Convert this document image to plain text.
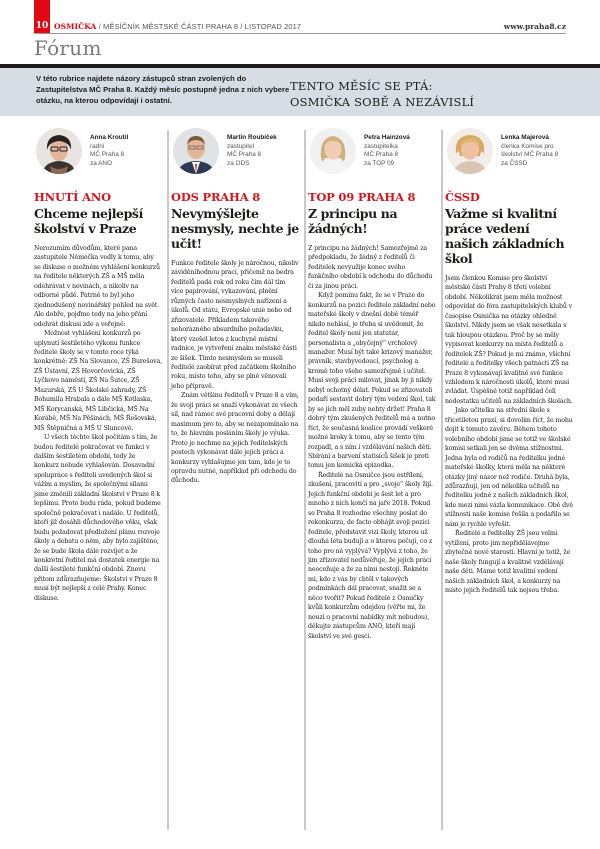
10 OSMIČKA / MĚSÍČNÍK MĚSTSKÉ ČÁSTI PRAHA 8 / LISTOPAD 2017	www.praha8.cz
Fórum
V této rubrice najdete názory zástupců stran zvolených do Zastupitelstva MČ Praha 8. Každý měsíc postupně jedna z nich vybere otázku, na kterou odpovídají i ostatní.
TENTO MĚSÍC SE PTÁ:
OSMIČKA SOBĚ A NEZÁVISLÍ
Anna Kroutil
radní
MČ Praha 8
za ANO
HNUTÍ ANO
Chceme nejlepší školství v Praze

Nerozumím důvodům, které pana zastupitele Němečka vedly k tomu, aby se diskuse o možném vyhlášení konkurzů na ředitele některých ZŠ a MŠ měla odehrávat v novinách, a nikoliv na odborné půdě. Patrně to byl jeho zjednodušený novinářský pohled na svět. Ale dobře, pojďme tedy na jeho přání odehrát diskusi zde a veřejně:

Možnost vyhlášení konkurzů po uplynutí šestiletého výkonu funkce ředitele školy se v tomto roce týká konkrétně: ZŠ Na Slovance, ZŠ Burešova, ZŠ Ústavní, ZŠ Hovorčovická, ZŠ Lyčkovo náměstí, ZŠ Na Šutce, ZŠ Mazurská, ZŠ U Školské zahrady, ZŠ Bohumila Hrabala a dále MŠ Kotlaska, MŠ Korycanská, MŠ Libčická, MŠ Na Korábě, MŠ Na Pěšinách, MŠ Řešovská, MŠ Štěpničná a MŠ U Sluncové.

U všech těchto škol počítám s tím, že budou ředitelé pokračovat ve funkci v dalším šestiletém období, tedy že konkurz nebude vyhlašován. Dosavadní spolupráce s řediteli uvedených škol si vážím a myslím, že společnými silami jsme změnili základní školství v Praze 8 k lepšímu. Proto budu ráda, pokud budeme společně pokračovat i nadále. U ředitelů, kteří již dosáhli důchodového věku, však budu požadovat předložení plánu rozvoje školy a debatu o něm, aby bylo zajištěno, že se bude škola dále rozvíjet a že konkrétní ředitel má dostatek energie na další šestileté funkční období. Znovu přitom zdůrazňujeme: Školství v Praze 8 musí být nejlepší z celé Prahy. Konec diskuse.

Martin Roubíček
zastupitel
MČ Praha 8
za ODS
ODS PRAHA 8
Nevymýšlejte nesmysly, nechte je učit!

Funkce ředitele školy je náročnou, nikoliv záviděníhodnou prací, přičemž na bedra ředitelů padá rok od roku čím dál tím více papírování, vykazování, plnění různých často nesmyslných nařízení a úkolů. Od státu, Evropské unie nebo od zřizovatele. Příkladem takového nehorázného absurdního požadavku, který vzešel letos z kuchyně místní radnice, je vytvoření znaku městské části ze šišek. Tímto nesmyslem se museli ředitelé zaobírat před začátkem školního roku, místo toho, aby se plně věnovali jeho přípravě.

Znám většinu ředitelů v Praze 8 a vím, že svoji práci se snaží vykonávat ze všech sil, nad rámec své pracovní doby a dělají maximum pro to, aby se nezapomínalo na to, že hlavním posláním školy je výuka. Proto je nechme na jejich ředitelských postech vykonávat dále jejich práci a konkurzy vyhlašujme jen tam, kde je to opravdu nutné, například při odchodu do důchodu.

Petra Hainzová
zastupitelka
MČ Praha 8
za TOP 09
TOP 09 PRAHA 8
Z principu na žádných!

Z principu na žádných! Samozřejmě za předpokladu, že žádný z ředitelů či ředitelek nevyužije konec svého funkčního období k odchodu do důchodu či za jinou práci.

Když pominu fakt, že se v Praze do konkurzů na pozici ředitele základní nebo mateřské školy v dnešní době téměř nikdo nehlásí, je třeba si uvědomit, že ředitel školy není jen statutár, personalista a „obyčejný“ vrcholový manažer. Musí být také krizový manažer, právník, stavbyvedoucí, psycholog a kromě toho všeho samozřejmě i učitel. Musí svoji práci milovat, jinak by ji nikdy nebyl ochotný dělat. Pokud se zřizovateli podaří sestavit dobrý tým vedení škol, tak by se jich měl zuby nehty držet! Praha 8 dobrý tým zkušených ředitelů má a nutno říct, že současná koalice provádí veškeré možné kroky k tomu, aby se tento tým rozpadl, a s ním i vzdělávání našich dětí. Sbírání a barvení statisíců šišek je proti tomu jen komická epizodka.

Ředitelé na Osmičce jsou ostřílení, zkušení, pracovití a pro „svoje“ školy žijí. Jejich funkční období je šest let a pro mnoho z nich končí na jaře 2018. Pokud se Praha 8 rozhodne všechny poslat do rekonkurzu, de facto obhájit svoji pozici ředitele, představit vizi školy, kterou už dlouhá léta budují a o kterou pečují, co z toho pro ně vyplývá? Vyplývá z toho, že jim zřizovatel nedůvěřuje, že jejich práci neoceňuje a že za nimi nestojí. Řekněte mi, kdo z vás by chtěl v takových podmínkách dál pracovat, snažit se a něco tvořit? Pokud ředitelé z Osmičky kvůli konkurzům odejdou (věřte mi, že nouzi o pracovní nabídky mít nebudou), děkujte zástupcům ANO, kteří mají školství ve své gesci.

Lenka Majerová
členka Komise pro
školství MČ Praha 8
za ČSSD
ČSSD
Važme si kvalitní práce vedení našich základních škol

Jsem členkou Komise pro školství městské části Prahy 8 třetí volební období. Několikrát jsem měla možnost odpovídat do fóra zastupitelských klubů v časopise Osmička na otázky ohledně školství. Nikdy jsem se však nesetkala s tak hloupou otázkou. Proč by se měly vypisovat konkurzy na místa ředitelů a ředitelek ZŠ? Pokud je mi známo, všichni ředitelé a ředitelky všech patnácti ZŠ na Praze 8 vykonávají kvalitně své funkce vzhledem k náročnosti úkolů, které musí zvládat. Úspěšně totiž například čelí nedostatku učitelů na základních školách.

Jako učitelka na střední škole s třicetiletou praxí, si dovolím říct, že mohu dojít k tomuto závěru. Během tohoto volebního období jsme se totiž ve školské komisi setkali jen se dvěma stížnostmi. Jedna byla od rodičů na ředitelku jedné mateřské školky, která měla na některé otázky jiný názor než rodiče. Druhá byla, zdůrazňuji, jen od několika učitelů na ředitelku jedné z našich základních škol, kde mezi nimi vázla komunikace. Obě dvě stížnosti naše komise řešila a podařilo se nám je rychle vyřešit.

Ředitelé a ředitelky ZŠ jsou velmi vytížení, proto jim nepřidělávejme zbytečně nové starosti. Hlavní je totiž, že naše školy fungují a kvalitně vzdělávají naše děti. Máme totiž kvalitní vedení našich základních škol, a konkurzy na místo jejich ředitelů tak nejsou třeba.
